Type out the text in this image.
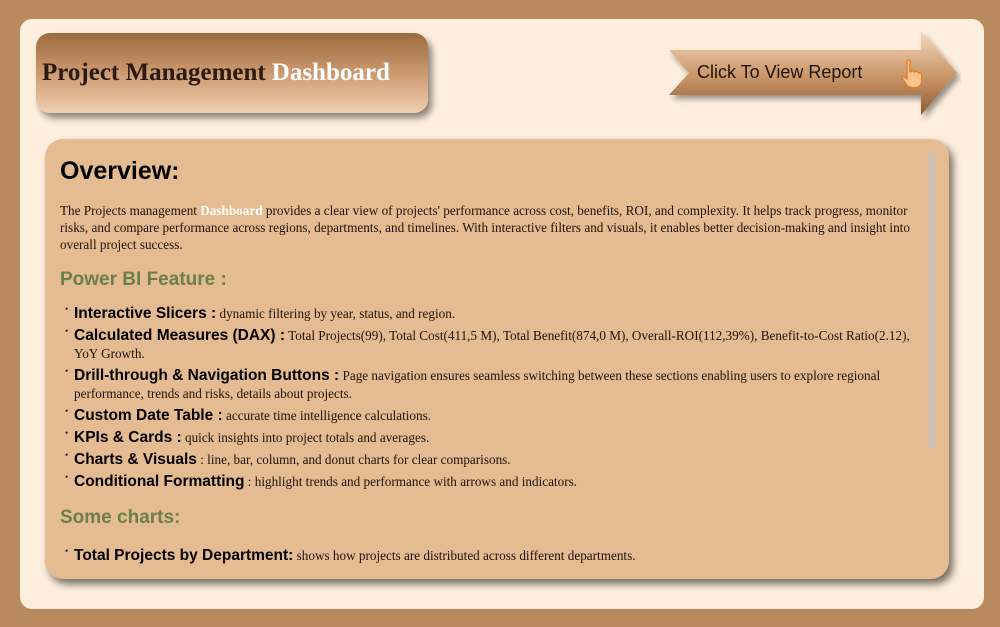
Project Management Dashboard	Click To View Report
Overview:
The Projects management Dashboard provides a clear view of projects' performance across cost, benefits, ROI, and complexity. It helps track progress, monitor risks, and compare performance across regions, departments, and timelines. With interactive filters and visuals, it enables better decision-making and insight into overall project success.
Power BI Feature :
• Interactive Slicers : dynamic filtering by year, status, and region.
• Calculated Measures (DAX) : Total Projects(99), Total Cost(411,5 M), Total Benefit(874,0 M), Overall-ROI(112,39%), Benefit-to-Cost Ratio(2.12), YoY Growth.
• Drill-through & Navigation Buttons : Page navigation ensures seamless switching between these sections enabling users to explore regional performance, trends and risks, details about projects.
• Custom Date Table : accurate time intelligence calculations.
• KPIs & Cards : quick insights into project totals and averages.
• Charts & Visuals : line, bar, column, and donut charts for clear comparisons.
• Conditional Formatting : highlight trends and performance with arrows and indicators.
Some charts:
• Total Projects by Department: shows how projects are distributed across different departments.
